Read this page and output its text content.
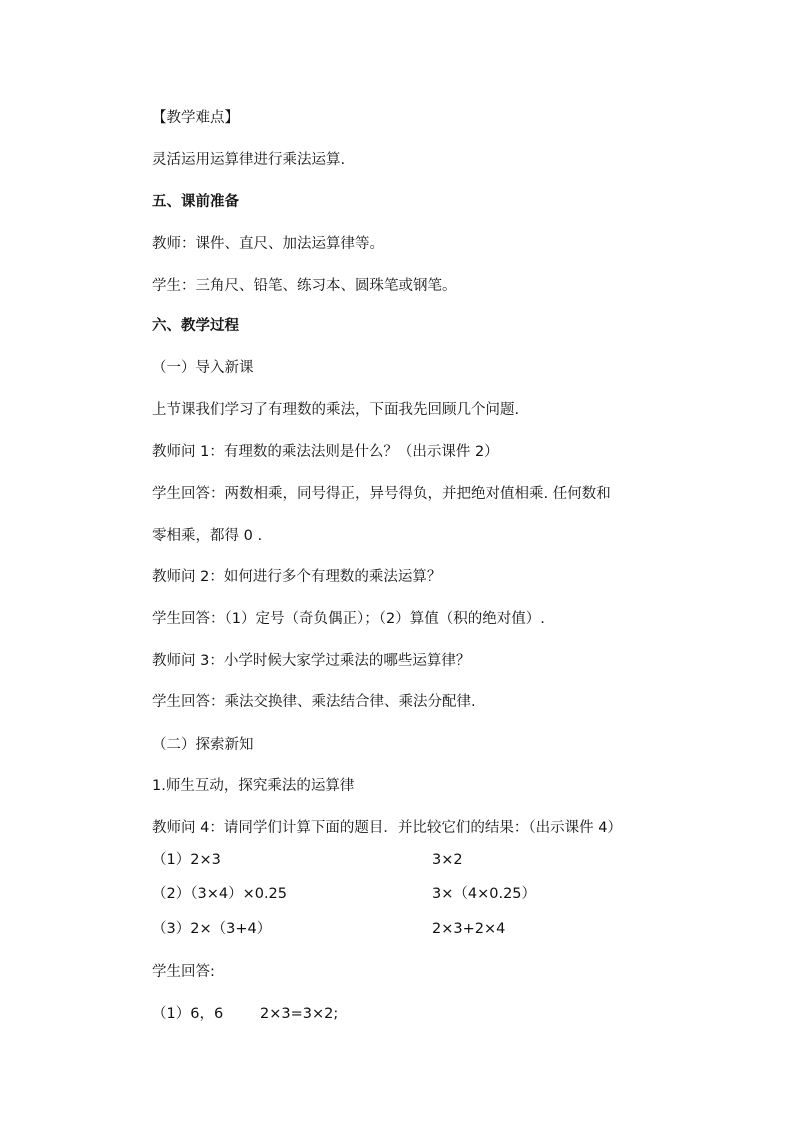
【教学难点】
灵活运用运算律进行乘法运算.
五、课前准备
教师：课件、直尺、加法运算律等。
学生：三角尺、铅笔、练习本、圆珠笔或钢笔。
六、教学过程
（一）导入新课
上节课我们学习了有理数的乘法，下面我先回顾几个问题.
教师问 1：有理数的乘法法则是什么？（出示课件 2）
学生回答：两数相乘，同号得正，异号得负，并把绝对值相乘. 任何数和
零相乘，都得 0 .
教师问 2：如何进行多个有理数的乘法运算？
学生回答：（1）定号（奇负偶正）；（2）算值（积的绝对值）.
教师问 3：小学时候大家学过乘法的哪些运算律？
学生回答：乘法交换律、乘法结合律、乘法分配律.
（二）探索新知
1.师生互动，探究乘法的运算律
教师问 4：请同学们计算下面的题目．并比较它们的结果：（出示课件 4）
（1）2×3	3×2
（2）（3×4）×0.25	3×（4×0.25）
（3）2×（3+4）	2×3+2×4
学生回答:
（1）6，6        2×3=3×2;
